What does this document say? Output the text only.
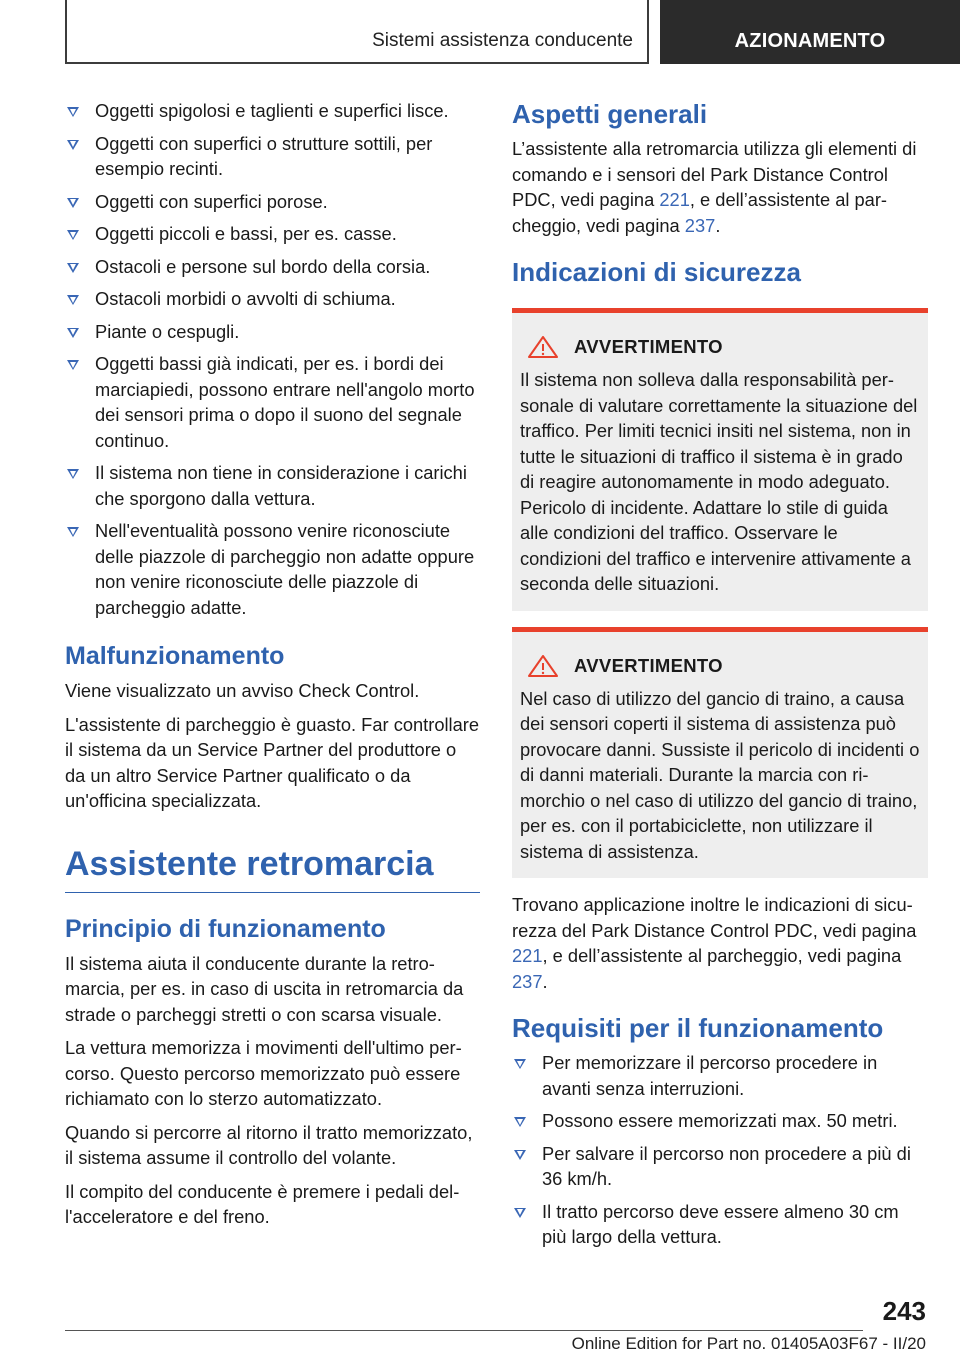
Sistemi assistenza conducente	AZIONAMENTO
Oggetti spigolosi e taglienti e superfici lisce.
Oggetti con superfici o strutture sottili, per esempio recinti.
Oggetti con superfici porose.
Oggetti piccoli e bassi, per es. casse.
Ostacoli e persone sul bordo della corsia.
Ostacoli morbidi o avvolti di schiuma.
Piante o cespugli.
Oggetti bassi già indicati, per es. i bordi dei marciapiedi, possono entrare nell'angolo morto dei sensori prima o dopo il suono del segnale continuo.
Il sistema non tiene in considerazione i carichi che sporgono dalla vettura.
Nell'eventualità possono venire riconosciute delle piazzole di parcheggio non adatte oppure non venire riconosciute delle piazzole di parcheggio adatte.
Malfunzionamento

Viene visualizzato un avviso Check Control.

L'assistente di parcheggio è guasto. Far controllare il sistema da un Service Partner del produttore o da un altro Service Partner qualificato o da un'officina specializzata.

Assistente retromarcia
Principio di funzionamento

Il sistema aiuta il conducente durante la retromarcia, per es. in caso di uscita in retromarcia da strade o parcheggi stretti o con scarsa visuale.

La vettura memorizza i movimenti dell'ultimo percorso. Questo percorso memorizzato può essere richiamato con lo sterzo automatizzato.

Quando si percorre al ritorno il tratto memorizzato, il sistema assume il controllo del volante.

Il compito del conducente è premere i pedali dell'acceleratore e del freno.

Aspetti generali

L’assistente alla retromarcia utilizza gli elementi di comando e i sensori del Park Distance Control PDC, vedi pagina 221, e dell’assistente al parcheggio, vedi pagina 237.

Indicazioni di sicurezza
AVVERTIMENTO

Il sistema non solleva dalla responsabilità personale di valutare correttamente la situazione del traffico. Per limiti tecnici insiti nel sistema, non in tutte le situazioni di traffico il sistema è in grado di reagire autonomamente in modo adeguato. Pericolo di incidente. Adattare lo stile di guida alle condizioni del traffico. Osservare le condizioni del traffico e intervenire attivamente a seconda delle situazioni.

AVVERTIMENTO

Nel caso di utilizzo del gancio di traino, a causa dei sensori coperti il sistema di assistenza può provocare danni. Sussiste il pericolo di incidenti o di danni materiali. Durante la marcia con rimorchio o nel caso di utilizzo del gancio di traino, per es. con il portabiciclette, non utilizzare il sistema di assistenza.

Trovano applicazione inoltre le indicazioni di sicurezza del Park Distance Control PDC, vedi pagina 221, e dell’assistente al parcheggio, vedi pagina 237.

Requisiti per il funzionamento
Per memorizzare il percorso procedere in avanti senza interruzioni.
Possono essere memorizzati max. 50 metri.
Per salvare il percorso non procedere a più di 36 km/h.
Il tratto percorso deve essere almeno 30 cm più largo della vettura.
243
Online Edition for Part no. 01405A03F67 - II/20
